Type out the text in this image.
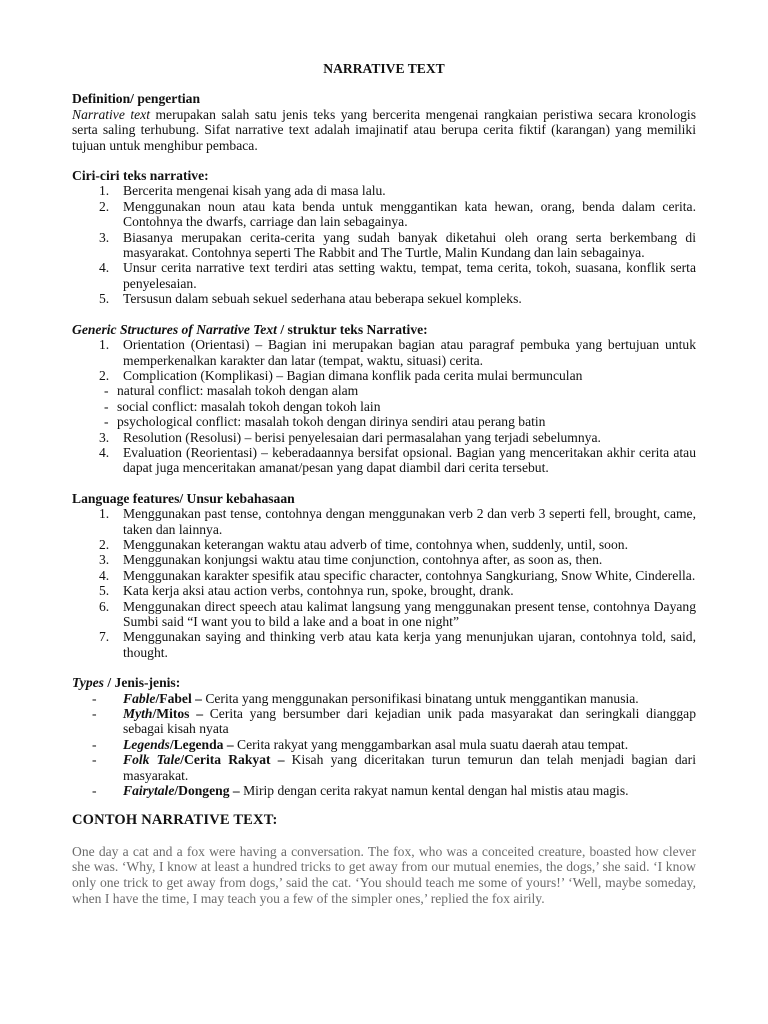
NARRATIVE TEXT

Definition/ pengertian

Narrative text merupakan salah satu jenis teks yang bercerita mengenai rangkaian peristiwa secara kronologis serta saling terhubung. Sifat narrative text adalah imajinatif atau berupa cerita fiktif (karangan) yang memiliki tujuan untuk menghibur pembaca.

Ciri-ciri teks narrative:

1. Bercerita mengenai kisah yang ada di masa lalu.
2. Menggunakan noun atau kata benda untuk menggantikan kata hewan, orang, benda dalam cerita. Contohnya the dwarfs, carriage dan lain sebagainya.
3. Biasanya merupakan cerita-cerita yang sudah banyak diketahui oleh orang serta berkembang di masyarakat. Contohnya seperti The Rabbit and The Turtle, Malin Kundang dan lain sebagainya.
4. Unsur cerita narrative text terdiri atas setting waktu, tempat, tema cerita, tokoh, suasana, konflik serta penyelesaian.
5. Tersusun dalam sebuah sekuel sederhana atau beberapa sekuel kompleks.

Generic Structures of Narrative Text / struktur teks Narrative:

1. Orientation (Orientasi) – Bagian ini merupakan bagian atau paragraf pembuka yang bertujuan untuk memperkenalkan karakter dan latar (tempat, waktu, situasi) cerita.
2. Complication (Komplikasi) – Bagian dimana konflik pada cerita mulai bermunculan
- natural conflict: masalah tokoh dengan alam
- social conflict: masalah tokoh dengan tokoh lain
- psychological conflict: masalah tokoh dengan dirinya sendiri atau perang batin
3. Resolution (Resolusi) – berisi penyelesaian dari permasalahan yang terjadi sebelumnya.
4. Evaluation (Reorientasi) – keberadaannya bersifat opsional. Bagian yang menceritakan akhir cerita atau dapat juga menceritakan amanat/pesan yang dapat diambil dari cerita tersebut.

Language features/ Unsur kebahasaan

1. Menggunakan past tense, contohnya dengan menggunakan verb 2 dan verb 3 seperti fell, brought, came, taken dan lainnya.
2. Menggunakan keterangan waktu atau adverb of time, contohnya when, suddenly, until, soon.
3. Menggunakan konjungsi waktu atau time conjunction, contohnya after, as soon as, then.
4. Menggunakan karakter spesifik atau specific character, contohnya Sangkuriang, Snow White, Cinderella.
5. Kata kerja aksi atau action verbs, contohnya run, spoke, brought, drank.
6. Menggunakan direct speech atau kalimat langsung yang menggunakan present tense, contohnya Dayang Sumbi said “I want you to bild a lake and a boat in one night”
7. Menggunakan saying and thinking verb atau kata kerja yang menunjukan ujaran, contohnya told, said, thought.

Types / Jenis-jenis:

- Fable/Fabel – Cerita yang menggunakan personifikasi binatang untuk menggantikan manusia.
- Myth/Mitos – Cerita yang bersumber dari kejadian unik pada masyarakat dan seringkali dianggap sebagai kisah nyata
- Legends/Legenda – Cerita rakyat yang menggambarkan asal mula suatu daerah atau tempat.
- Folk Tale/Cerita Rakyat – Kisah yang diceritakan turun temurun dan telah menjadi bagian dari masyarakat.
- Fairytale/Dongeng – Mirip dengan cerita rakyat namun kental dengan hal mistis atau magis.

CONTOH NARRATIVE TEXT:

One day a cat and a fox were having a conversation. The fox, who was a conceited creature, boasted how clever she was. ‘Why, I know at least a hundred tricks to get away from our mutual enemies, the dogs,’ she said. ‘I know only one trick to get away from dogs,’ said the cat. ‘You should teach me some of yours!’ ‘Well, maybe someday, when I have the time, I may teach you a few of the simpler ones,’ replied the fox airily.
